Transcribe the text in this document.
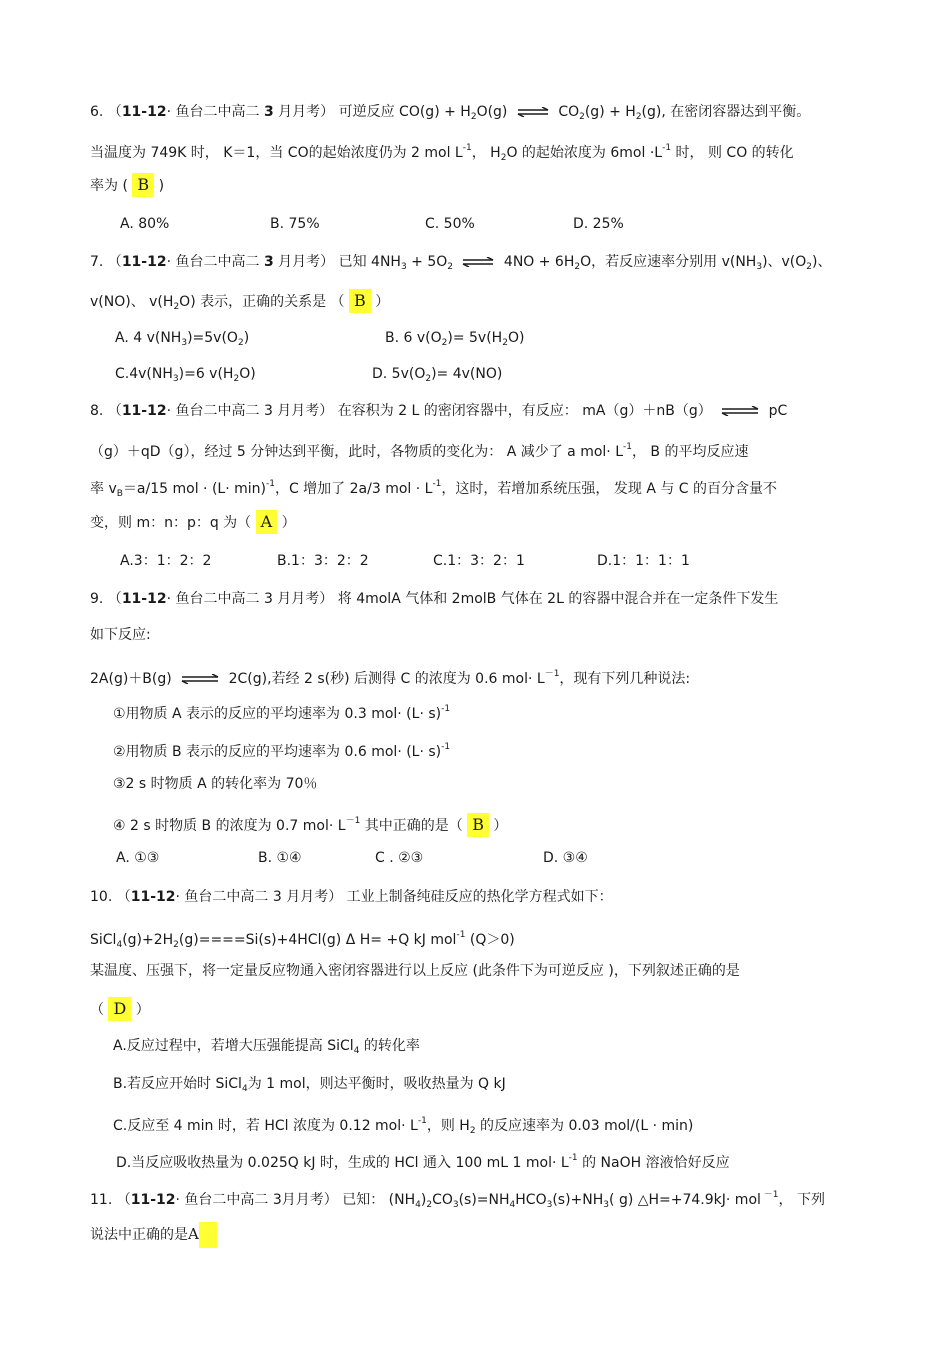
6. （11-12· 鱼台二中高二 3 月月考） 可逆反应 $CO(g) + H_2O(g)$ ⇌ $CO_2(g) + H_2(g)$, 在密闭容器达到平衡。
当温度为 749K 时， K＝1，当 CO的起始浓度仍为 2 mol $L^{-1}$， $H_2O$ 的起始浓度为 $6mol \cdot L^{-1}$ 时， 则 CO 的转化
率为 ( B )
A. 80%	B. 75%	C. 50%	D. 25%
7. （11-12· 鱼台二中高二 3 月月考） 已知 $4NH_3 + 5O_2$ ⇌ $4NO + 6H_2O$，若反应速率分别用 $v(NH_3)$、$v(O_2)$、
v(NO)、 $v(H_2O)$ 表示，正确的关系是 （ B ）
A. 4 $v(NH_3)=5v(O_2)$	B. 6 $v(O_2)= 5v(H_2O)$
$C.4v(NH_3)=6$ $v(H_2O)$	D. $5v(O_2)= 4v(NO)$
8. （11-12· 鱼台二中高二 3 月月考） 在容积为 2 L 的密闭容器中，有反应： mA（g）＋nB（g） ⇌ pC
（g）＋qD（g），经过 5 分钟达到平衡，此时，各物质的变化为： A 减少了 a $mol\cdot L^{-1}$， B 的平均反应速
率 $v_B=a/15$ mol · $(L\cdot \min)^{-1}$，C 增加了 2a/3 mol · $L^{-1}$，这时，若增加系统压强， 发现 A 与 C 的百分含量不
变，则 m：n：p：q 为（ A ）
A.3：1：2：2	B.1：3：2：2	C.1：3：2：1	D.1：1：1：1
9. （11-12· 鱼台二中高二 3 月月考） 将 4molA 气体和 2molB 气体在 2L 的容器中混合并在一定条件下发生
如下反应:
2A(g)＋B(g) ⇌ 2C(g),若经 2 s(秒) 后测得 C 的浓度为 0.6 $mol\cdot L^{-1}$，现有下列几种说法:
①用物质 A 表示的反应的平均速率为 0.3 $mol\cdot (L\cdot s)^{-1}$
②用物质 B 表示的反应的平均速率为 0.6 $mol\cdot (L\cdot s)^{-1}$
③2 s 时物质 A 的转化率为 70％
④ 2 s 时物质 B 的浓度为 0.7 $mol\cdot L^{-1}$ 其中正确的是（ B ）
A. ①③	B. ①④	C . ②③	D. ③④
10. （11-12· 鱼台二中高二 3 月月考） 工业上制备纯硅反应的热化学方程式如下：
$SiCl_4(g)+2H_2(g)====Si(s)+4HCl(g)$ Δ H= +Q kJ mol$^{-1}$ (Q＞0)
某温度、压强下，将一定量反应物通入密闭容器进行以上反应 (此条件下为可逆反应 )，下列叙述正确的是
（ D ）
A.反应过程中，若增大压强能提高 SiCl$_4$ 的转化率
B.若反应开始时 SiCl$_4$为 1 mol，则达平衡时，吸收热量为 Q kJ
C.反应至 4 min 时，若 HCl 浓度为 0.12 $mol\cdot L^{-1}$，则 $H_2$ 的反应速率为 0.03 mol/(L · min)
D.当反应吸收热量为 0.025Q kJ 时，生成的 HCl 通入 100 mL 1 $mol\cdot L^{-1}$ 的 NaOH 溶液恰好反应
11. （11-12· 鱼台二中高二 3月月考） 已知： $(NH_4)_2CO_3(s)=NH_4HCO_3(s)+NH_3$( g) △H=+74.9kJ· mol $^{-1}$， 下列
说法中正确的是A
